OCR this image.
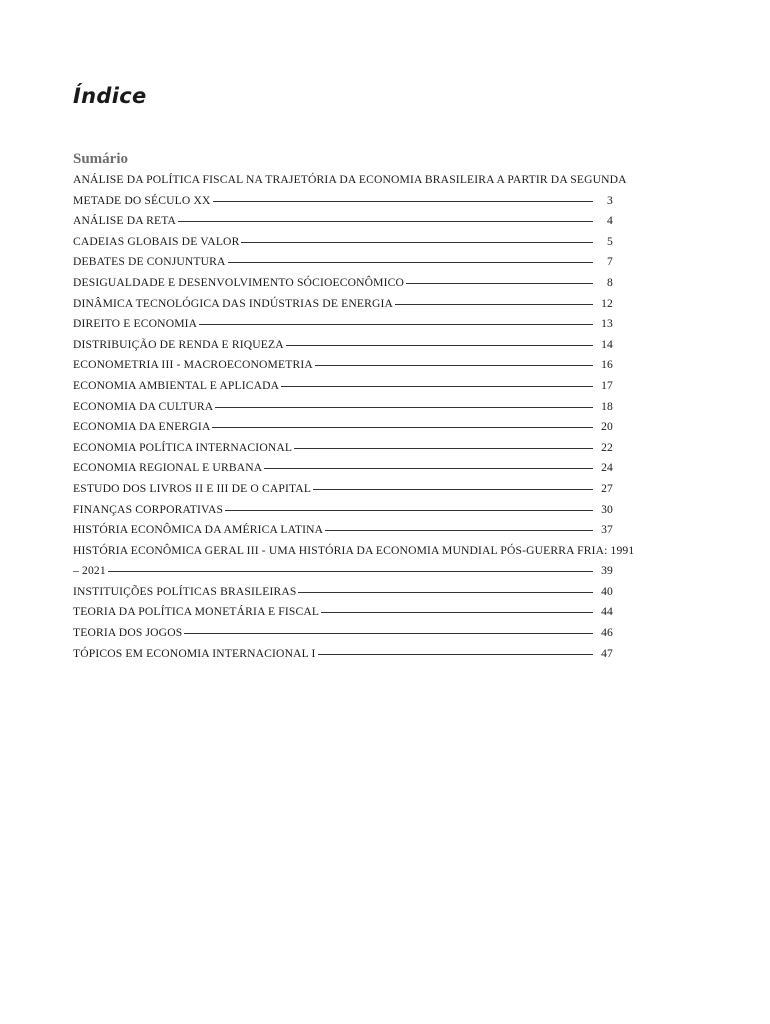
Índice
Sumário
ANÁLISE DA POLÍTICA FISCAL NA TRAJETÓRIA DA ECONOMIA BRASILEIRA A PARTIR DA SEGUNDA
METADE DO SÉCULO XX	3
ANÁLISE DA RETA	4
CADEIAS GLOBAIS DE VALOR	5
DEBATES DE CONJUNTURA	7
DESIGUALDADE E DESENVOLVIMENTO SÓCIOECONÔMICO	8
DINÂMICA TECNOLÓGICA DAS INDÚSTRIAS DE ENERGIA	12
DIREITO E ECONOMIA	13
DISTRIBUIÇÃO DE RENDA E RIQUEZA	14
ECONOMETRIA III - MACROECONOMETRIA	16
ECONOMIA AMBIENTAL E APLICADA	17
ECONOMIA DA CULTURA	18
ECONOMIA DA ENERGIA	20
ECONOMIA POLÍTICA INTERNACIONAL	22
ECONOMIA REGIONAL E URBANA	24
ESTUDO DOS LIVROS II E III DE O CAPITAL	27
FINANÇAS CORPORATIVAS	30
HISTÓRIA ECONÔMICA DA AMÉRICA LATINA	37
HISTÓRIA ECONÔMICA GERAL III - UMA HISTÓRIA DA ECONOMIA MUNDIAL PÓS-GUERRA FRIA: 1991
– 2021	39
INSTITUIÇÕES POLÍTICAS BRASILEIRAS	40
TEORIA DA POLÍTICA MONETÁRIA E FISCAL	44
TEORIA DOS JOGOS	46
TÓPICOS EM ECONOMIA INTERNACIONAL I	47
